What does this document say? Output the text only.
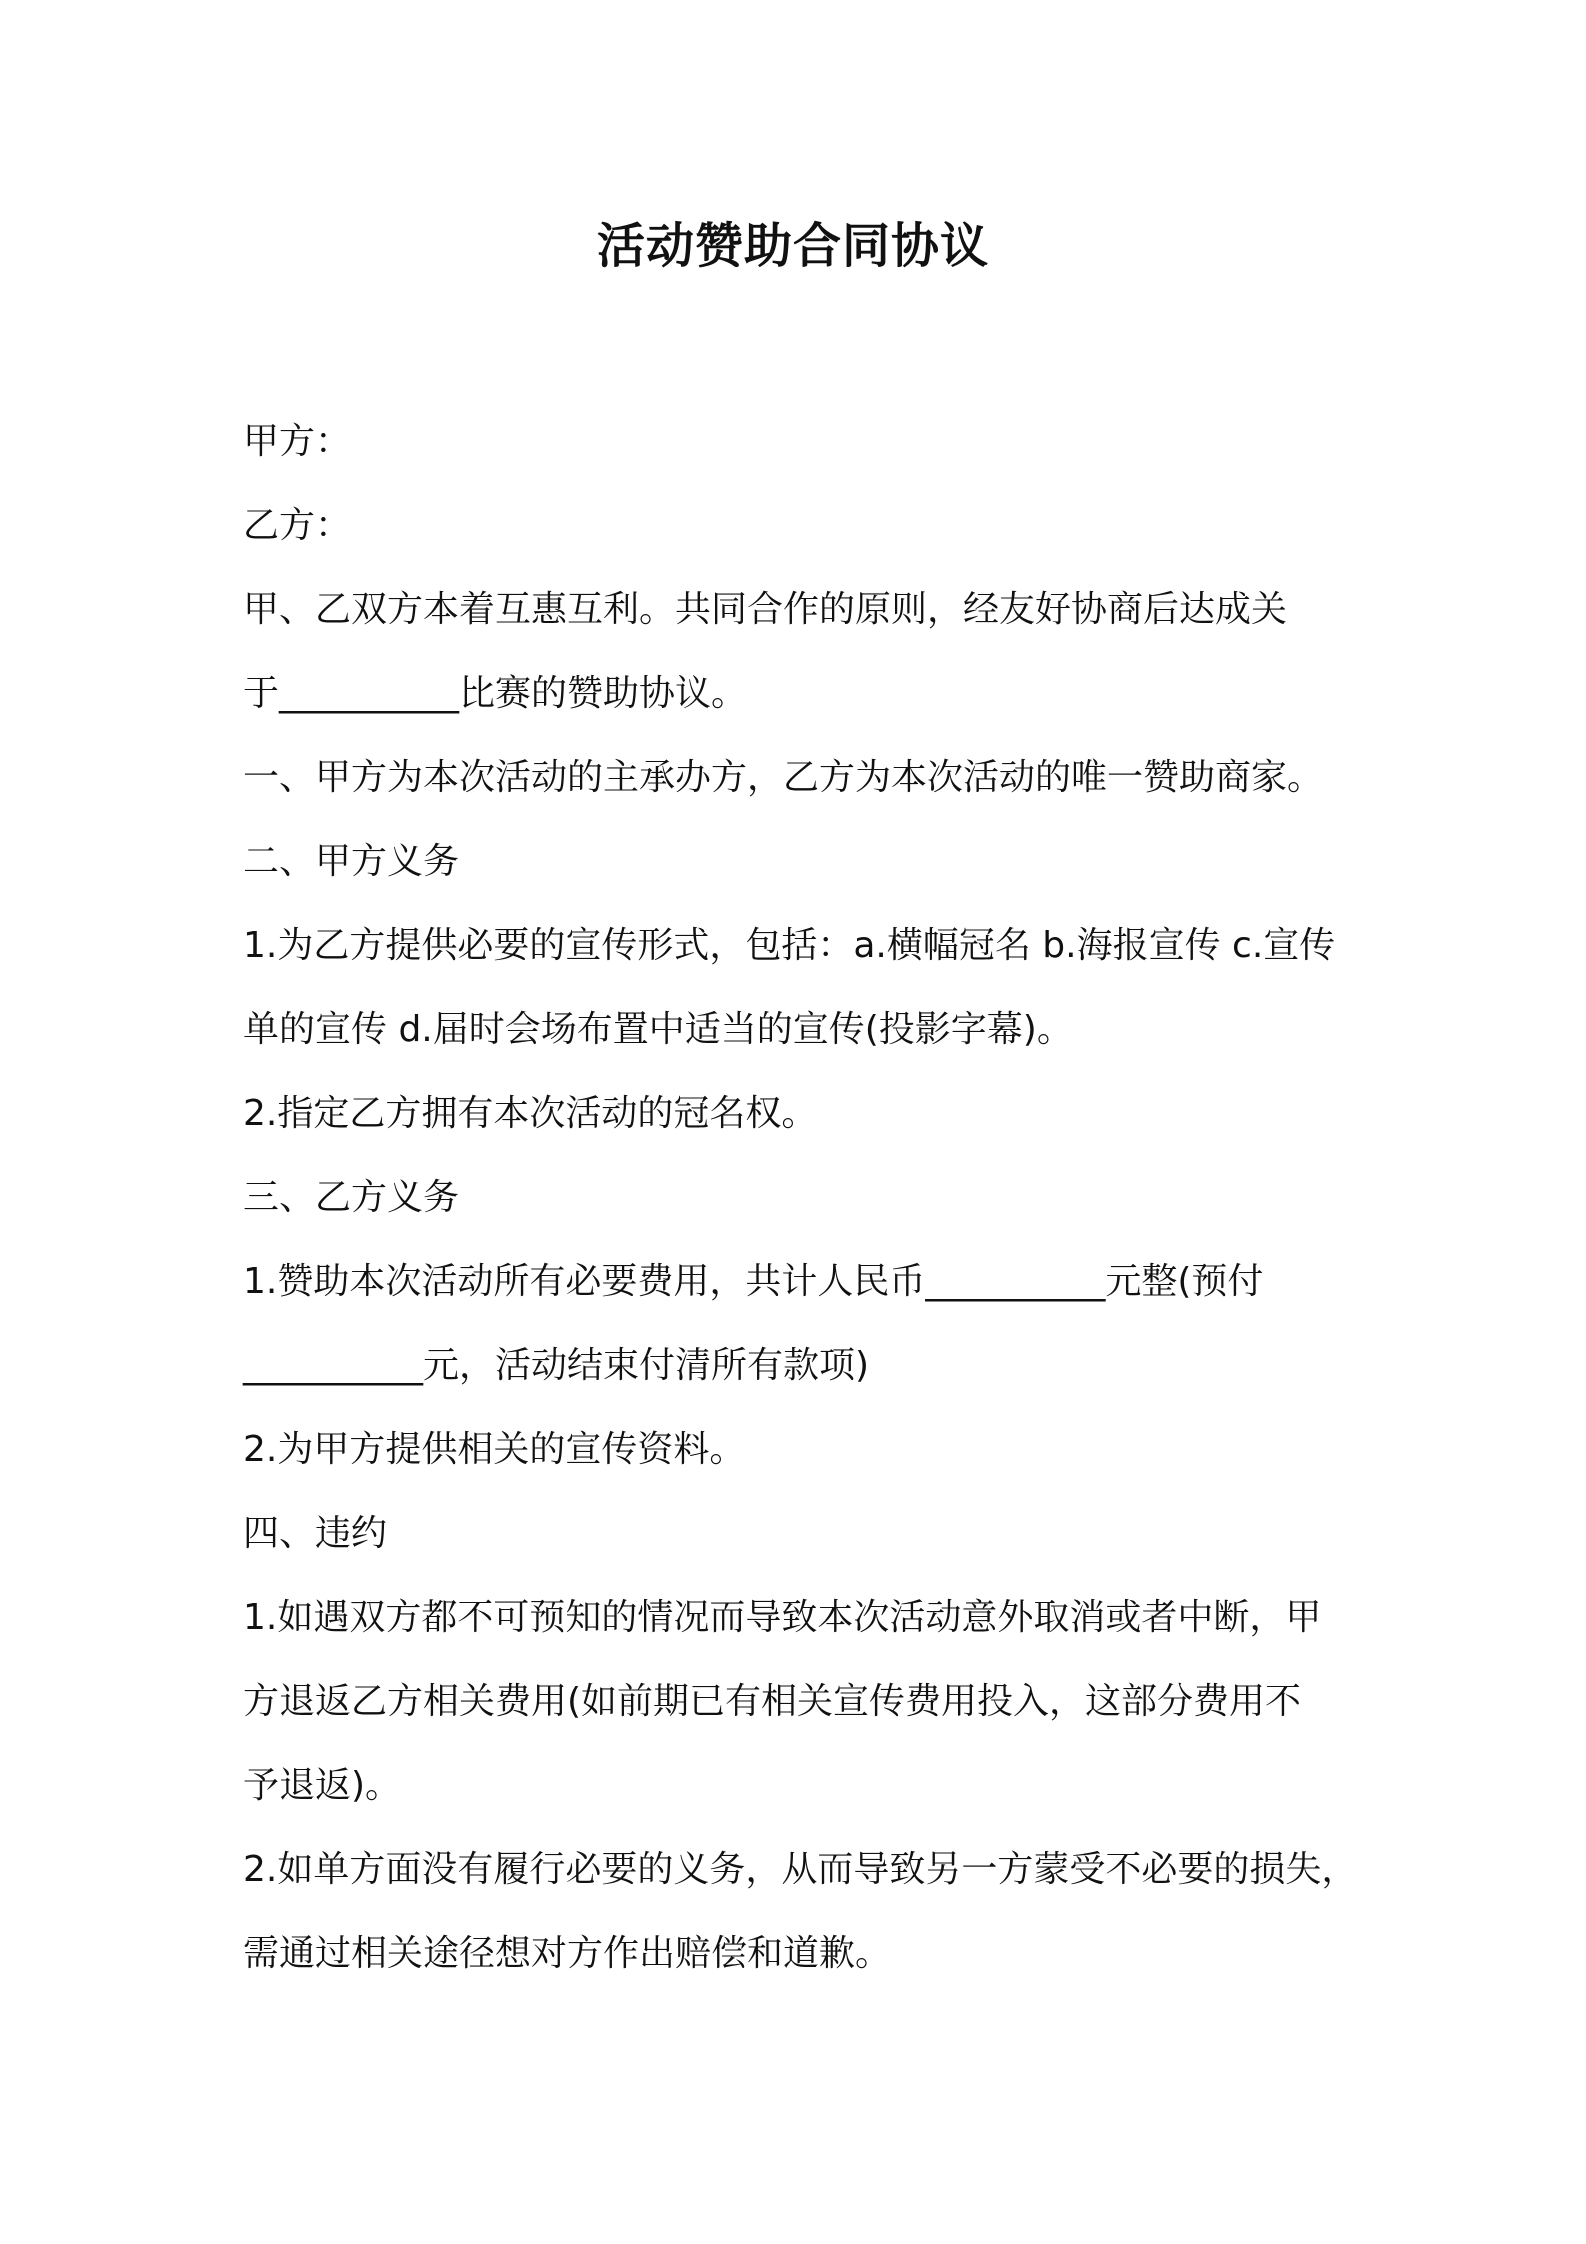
活动赞助合同协议

甲方：

乙方：

甲、乙双方本着互惠互利。共同合作的原则，经友好协商后达成关

于__________比赛的赞助协议。

一、甲方为本次活动的主承办方，乙方为本次活动的唯一赞助商家。

二、甲方义务

1.为乙方提供必要的宣传形式，包括：a.横幅冠名 b.海报宣传 c.宣传

单的宣传 d.届时会场布置中适当的宣传(投影字幕)。

2.指定乙方拥有本次活动的冠名权。

三、乙方义务

1.赞助本次活动所有必要费用，共计人民币__________元整(预付

__________元，活动结束付清所有款项)

2.为甲方提供相关的宣传资料。

四、违约

1.如遇双方都不可预知的情况而导致本次活动意外取消或者中断，甲

方退返乙方相关费用(如前期已有相关宣传费用投入，这部分费用不

予退返)。

2.如单方面没有履行必要的义务，从而导致另一方蒙受不必要的损失，

需通过相关途径想对方作出赔偿和道歉。
